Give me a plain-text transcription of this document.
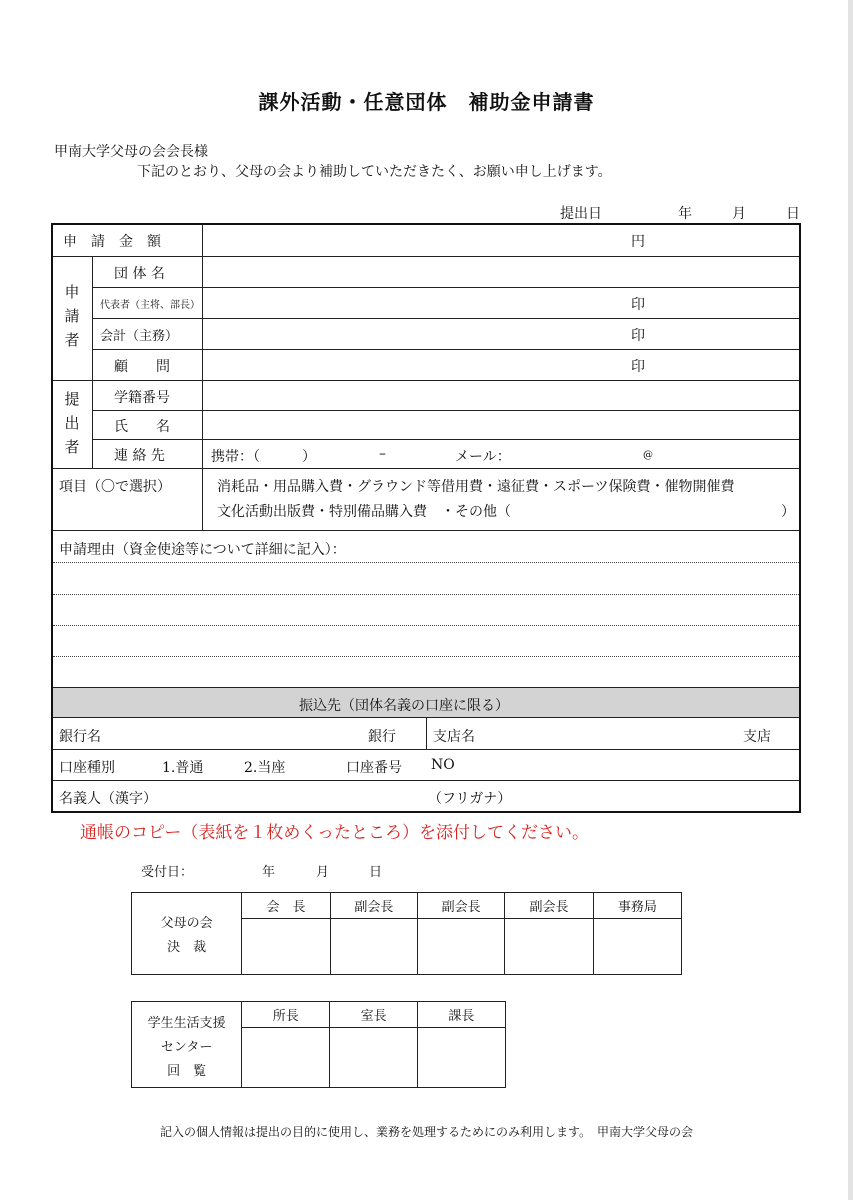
課外活動・任意団体　補助金申請書
甲南大学父母の会会長様
下記のとおり、父母の会より補助していただきたく、お願い申し上げます。
提出日	年	月	日
申　請　金　額	円
申請者
団 体 名
代表者（主将、部長）	印
会計（主務）	印
顧　　問	印
提出者
学籍番号
氏　　名
連 絡 先	携帯：（　　　）	–	メール：	@
項目（〇で選択）	消耗品・用品購入費・グラウンド等借用費・遠征費・スポーツ保険費・催物開催費
文化活動出版費・特別備品購入費　・その他（	）
申請理由（資金使途等について詳細に記入）：
振込先（団体名義の口座に限る）
銀行名	銀行	支店名	支店
口座種別	1.普通	2.当座	口座番号 NO
名義人（漢字）	（フリガナ）
通帳のコピー（表紙を１枚めくったところ）を添付してください。
受付日：	年	月	日
父母の会
決　裁	会　長	副会長	副会長	副会長	事務局

学生生活支援
センター
回　覧	所長	室長	課長

記入の個人情報は提出の目的に使用し、業務を処理するためにのみ利用します。　甲南大学父母の会
